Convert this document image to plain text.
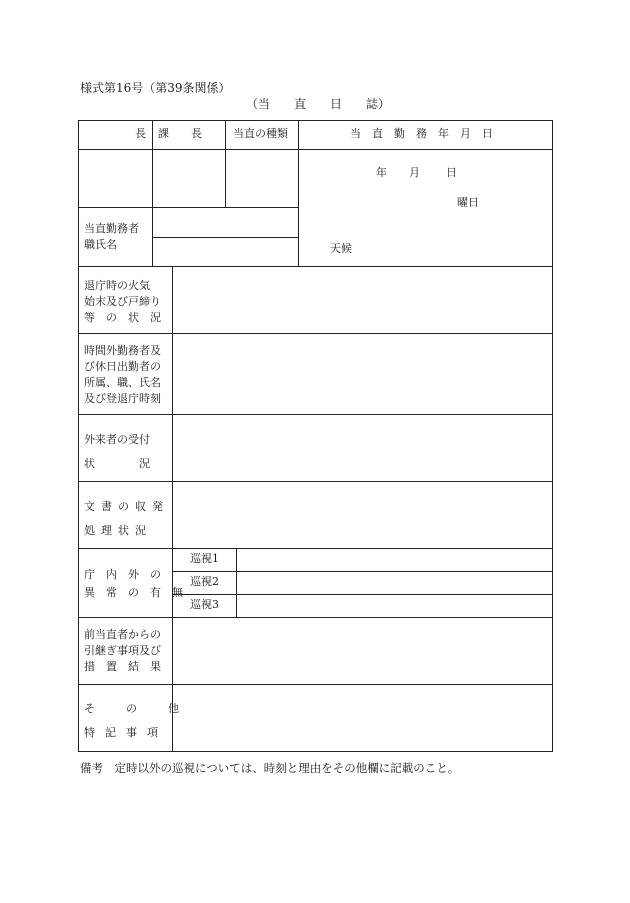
様式第16号（第39条関係）
（当　　直　　日　　誌）
長 課　　長	当直の種類	当　直　勤　務　年　月　日
年 月 日
曜日
天候
当直勤務者
職氏名
退庁時の火気
始末及び戸締り
等　の　状　況
時間外勤務者及
び休日出勤者の
所属、職、氏名
及び登退庁時刻
外来者の受付
状　　　　況
文書の収発
処理状況
庁　内　外　の
異　常　の　有　無
巡視1
巡視2
巡視3
前当直者からの
引継ぎ事項及び
措　置　結　果
そ　の　他
特記事項
備考　定時以外の巡視については、時刻と理由をその他欄に記載のこと。
